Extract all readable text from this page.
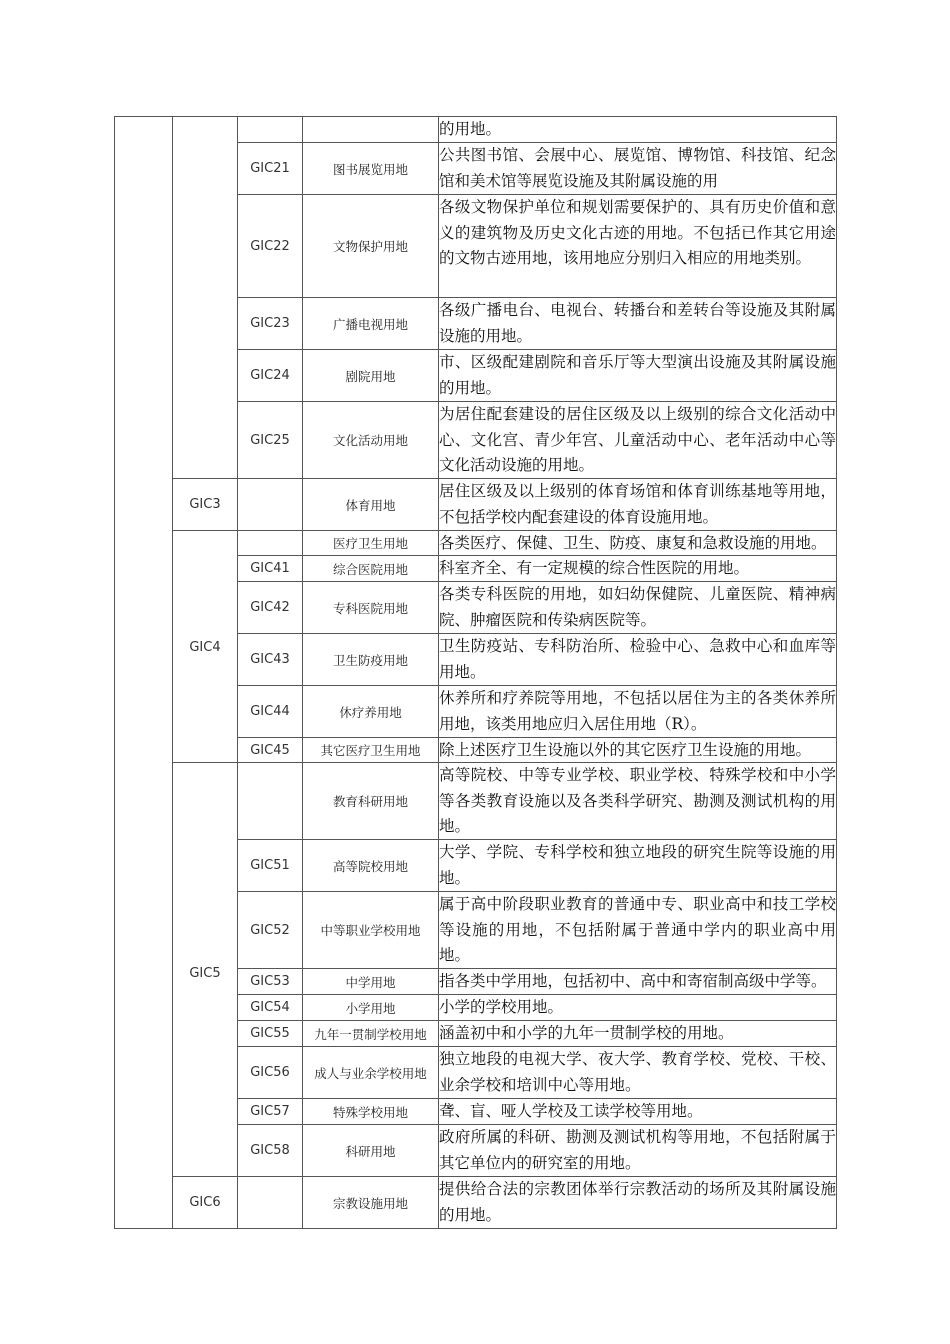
				的用地。

		GIC21	图书展览用地	公共图书馆、会展中心、展览馆、博物馆、科技馆、纪念馆和美术馆等展览设施及其附属设施的用

		GIC22	文物保护用地	各级文物保护单位和规划需要保护的、具有历史价值和意义的建筑物及历史文化古迹的用地。不包括已作其它用途的文物古迹用地，该用地应分别归入相应的用地类别。

		GIC23	广播电视用地	各级广播电台、电视台、转播台和差转台等设施及其附属设施的用地。

		GIC24	剧院用地	市、区级配建剧院和音乐厅等大型演出设施及其附属设施的用地。

		GIC25	文化活动用地	为居住配套建设的居住区级及以上级别的综合文化活动中心、文化宫、青少年宫、儿童活动中心、老年活动中心等文化活动设施的用地。

	GIC3		体育用地	居住区级及以上级别的体育场馆和体育训练基地等用地，不包括学校内配套建设的体育设施用地。

	GIC4		医疗卫生用地	各类医疗、保健、卫生、防疫、康复和急救设施的用地。

		GIC41	综合医院用地	科室齐全、有一定规模的综合性医院的用地。

		GIC42	专科医院用地	各类专科医院的用地，如妇幼保健院、儿童医院、精神病院、肿瘤医院和传染病医院等。

		GIC43	卫生防疫用地	卫生防疫站、专科防治所、检验中心、急救中心和血库等用地。

		GIC44	休疗养用地	休养所和疗养院等用地，不包括以居住为主的各类休养所用地，该类用地应归入居住用地（R）。

		GIC45	其它医疗卫生用地	除上述医疗卫生设施以外的其它医疗卫生设施的用地。

	GIC5		教育科研用地	高等院校、中等专业学校、职业学校、特殊学校和中小学等各类教育设施以及各类科学研究、勘测及测试机构的用地。

		GIC51	高等院校用地	大学、学院、专科学校和独立地段的研究生院等设施的用地。

		GIC52	中等职业学校用地	属于高中阶段职业教育的普通中专、职业高中和技工学校等设施的用地，不包括附属于普通中学内的职业高中用地。

		GIC53	中学用地	指各类中学用地，包括初中、高中和寄宿制高级中学等。

		GIC54	小学用地	小学的学校用地。

		GIC55	九年一贯制学校用地	涵盖初中和小学的九年一贯制学校的用地。

		GIC56	成人与业余学校用地	独立地段的电视大学、夜大学、教育学校、党校、干校、业余学校和培训中心等用地。

		GIC57	特殊学校用地	聋、盲、哑人学校及工读学校等用地。

		GIC58	科研用地	政府所属的科研、勘测及测试机构等用地，不包括附属于其它单位内的研究室的用地。

	GIC6		宗教设施用地	提供给合法的宗教团体举行宗教活动的场所及其附属设施的用地。
